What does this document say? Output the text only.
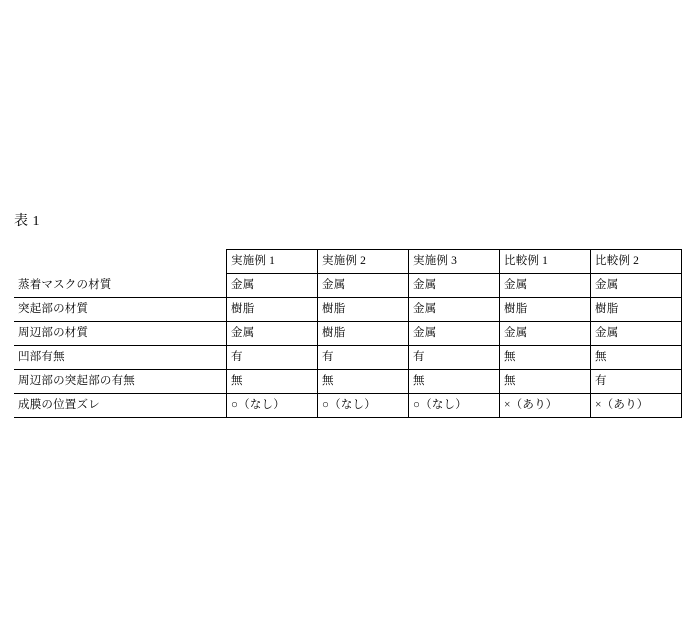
表 1
	実施例 1	実施例 2	実施例 3	比較例 1	比較例 2
蒸着マスクの材質	金属	金属	金属	金属	金属
突起部の材質	樹脂	樹脂	金属	樹脂	樹脂
周辺部の材質	金属	樹脂	金属	金属	金属
凹部有無	有	有	有	無	無
周辺部の突起部の有無	無	無	無	無	有
成膜の位置ズレ	○（なし）	○（なし）	○（なし）	×（あり）	×（あり）
